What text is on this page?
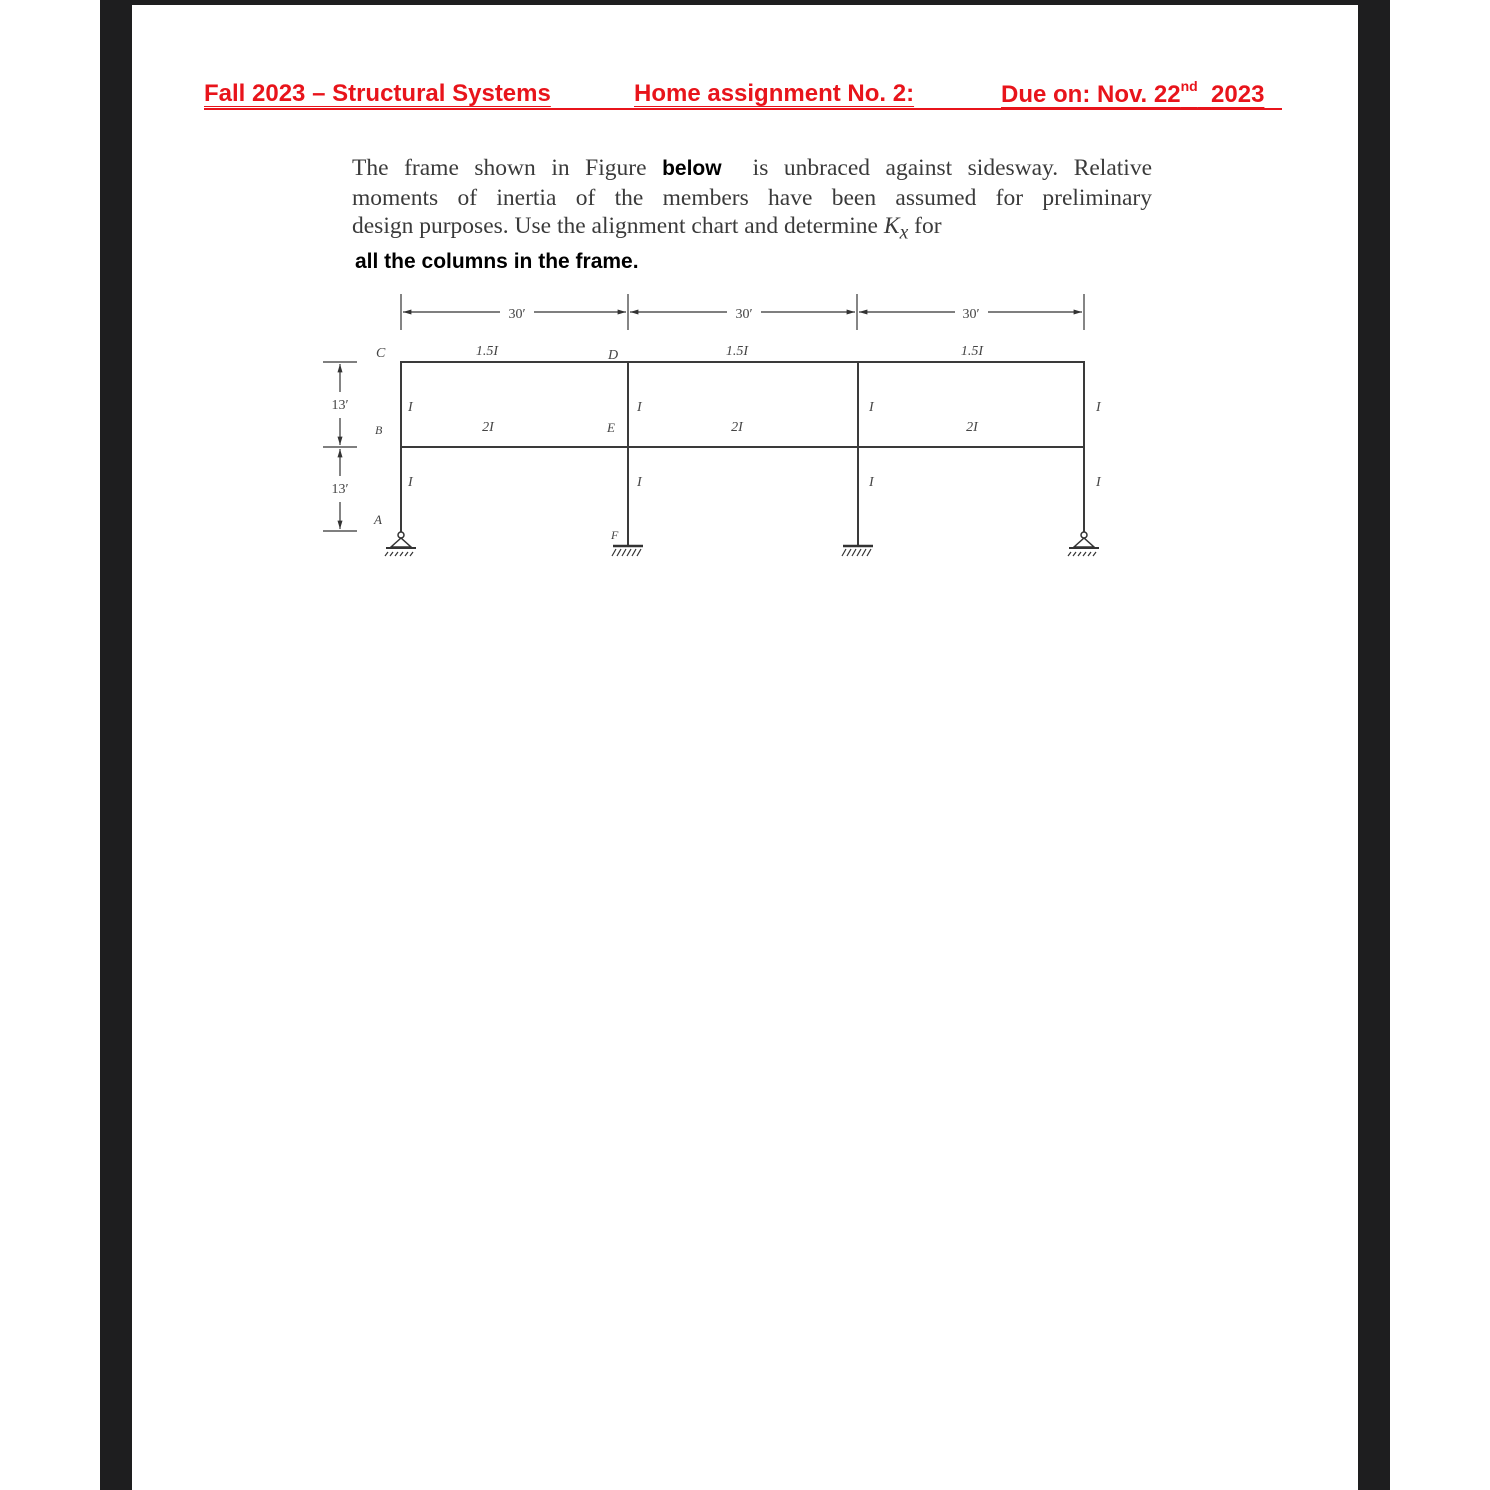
Fall 2023 – Structural Systems	Home assignment No. 2:	Due on: Nov. 22nd 2023
The frame shown in Figure below is unbraced against sidesway. Relative
moments of inertia of the members have been assumed for preliminary
design purposes. Use the alignment chart and determine $K_x$ for
all the columns in the frame.
30′	30′	30′
13′
13′
C	D
B	E
A
F
1.5I	1.5I	1.5I
2I	2I	2I
I	I	I	I
I	I	I	I
